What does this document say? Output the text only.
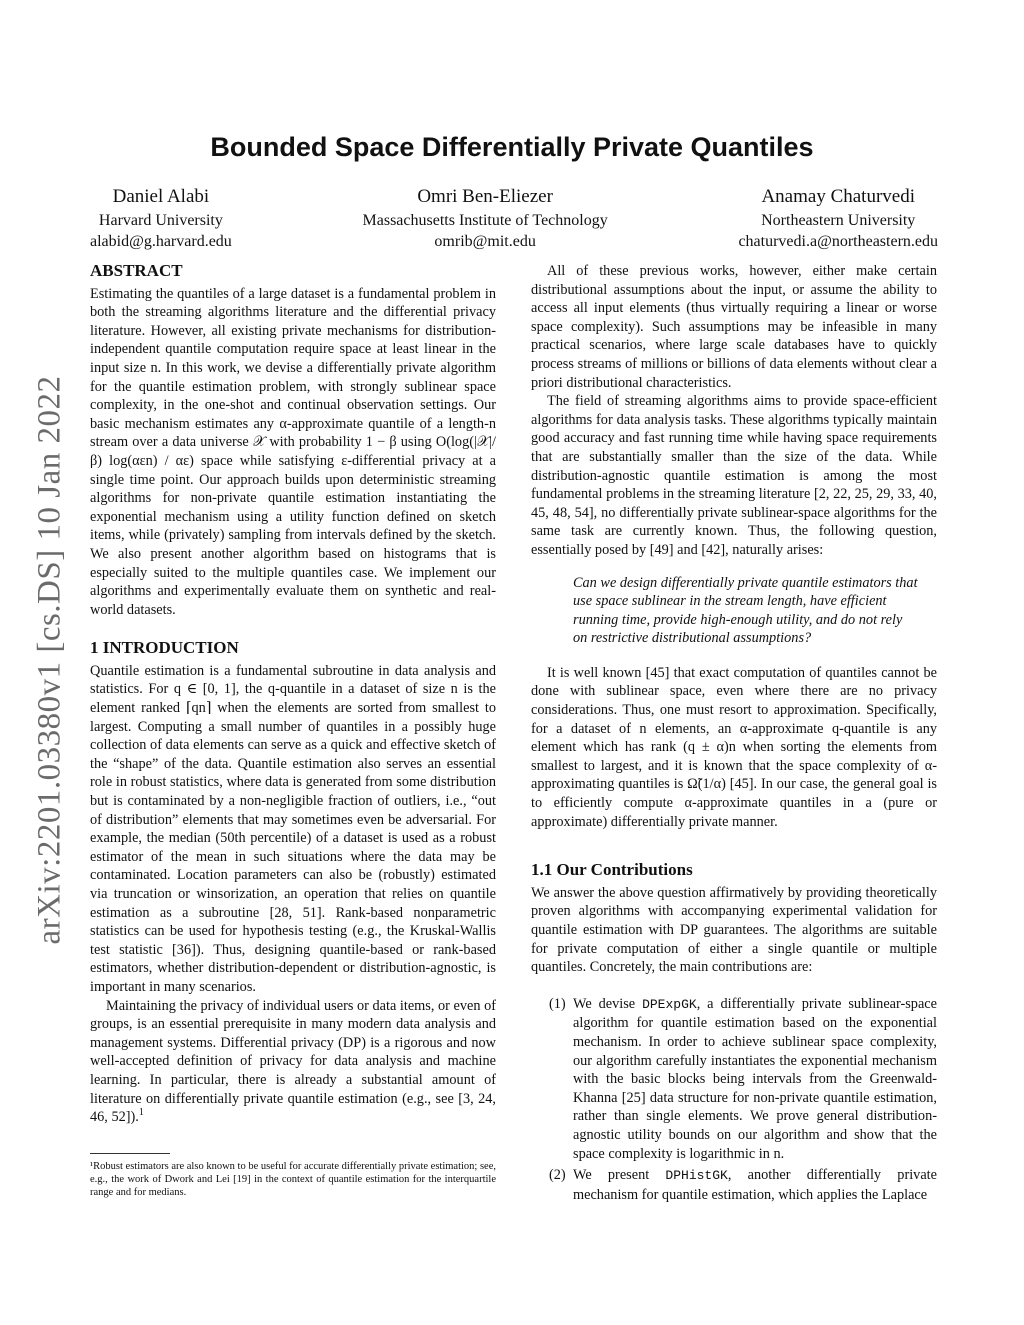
arXiv:2201.03380v1 [cs.DS] 10 Jan 2022
Bounded Space Differentially Private Quantiles
Daniel Alabi
Harvard University
alabid@g.harvard.edu
Omri Ben-Eliezer
Massachusetts Institute of Technology
omrib@mit.edu
Anamay Chaturvedi
Northeastern University
chaturvedi.a@northeastern.edu
ABSTRACT

Estimating the quantiles of a large dataset is a fundamental problem in both the streaming algorithms literature and the differential privacy literature. However, all existing private mechanisms for distribution-independent quantile computation require space at least linear in the input size n. In this work, we devise a differentially private algorithm for the quantile estimation problem, with strongly sublinear space complexity, in the one-shot and continual observation settings. Our basic mechanism estimates any α-approximate quantile of a length-n stream over a data universe 𝒳 with probability 1 − β using O(log(|𝒳|/β) log(αεn) / αε) space while satisfying ε-differential privacy at a single time point. Our approach builds upon deterministic streaming algorithms for non-private quantile estimation instantiating the exponential mechanism using a utility function defined on sketch items, while (privately) sampling from intervals defined by the sketch. We also present another algorithm based on histograms that is especially suited to the multiple quantiles case. We implement our algorithms and experimentally evaluate them on synthetic and real-world datasets.

1 INTRODUCTION

Quantile estimation is a fundamental subroutine in data analysis and statistics. For q ∈ [0, 1], the q-quantile in a dataset of size n is the element ranked ⌈qn⌉ when the elements are sorted from smallest to largest. Computing a small number of quantiles in a possibly huge collection of data elements can serve as a quick and effective sketch of the “shape” of the data. Quantile estimation also serves an essential role in robust statistics, where data is generated from some distribution but is contaminated by a non-negligible fraction of outliers, i.e., “out of distribution” elements that may sometimes even be adversarial. For example, the median (50th percentile) of a dataset is used as a robust estimator of the mean in such situations where the data may be contaminated. Location parameters can also be (robustly) estimated via truncation or winsorization, an operation that relies on quantile estimation as a subroutine [28, 51]. Rank-based nonparametric statistics can be used for hypothesis testing (e.g., the Kruskal-Wallis test statistic [36]). Thus, designing quantile-based or rank-based estimators, whether distribution-dependent or distribution-agnostic, is important in many scenarios.

Maintaining the privacy of individual users or data items, or even of groups, is an essential prerequisite in many modern data analysis and management systems. Differential privacy (DP) is a rigorous and now well-accepted definition of privacy for data analysis and machine learning. In particular, there is already a substantial amount of literature on differentially private quantile estimation (e.g., see [3, 24, 46, 52]).$^1$

¹Robust estimators are also known to be useful for accurate differentially private estimation; see, e.g., the work of Dwork and Lei [19] in the context of quantile estimation for the interquartile range and for medians.

All of these previous works, however, either make certain distributional assumptions about the input, or assume the ability to access all input elements (thus virtually requiring a linear or worse space complexity). Such assumptions may be infeasible in many practical scenarios, where large scale databases have to quickly process streams of millions or billions of data elements without clear a priori distributional characteristics.

The field of streaming algorithms aims to provide space-efficient algorithms for data analysis tasks. These algorithms typically maintain good accuracy and fast running time while having space requirements that are substantially smaller than the size of the data. While distribution-agnostic quantile estimation is among the most fundamental problems in the streaming literature [2, 22, 25, 29, 33, 40, 45, 48, 54], no differentially private sublinear-space algorithms for the same task are currently known. Thus, the following question, essentially posed by [49] and [42], naturally arises:

Can we design differentially private quantile estimators that use space sublinear in the stream length, have efficient running time, provide high-enough utility, and do not rely on restrictive distributional assumptions?

It is well known [45] that exact computation of quantiles cannot be done with sublinear space, even where there are no privacy considerations. Thus, one must resort to approximation. Specifically, for a dataset of n elements, an α-approximate q-quantile is any element which has rank (q ± α)n when sorting the elements from smallest to largest, and it is known that the space complexity of α-approximating quantiles is Ω̃(1/α) [45]. In our case, the general goal is to efficiently compute α-approximate quantiles in a (pure or approximate) differentially private manner.

1.1 Our Contributions

We answer the above question affirmatively by providing theoretically proven algorithms with accompanying experimental validation for quantile estimation with DP guarantees. The algorithms are suitable for private computation of either a single quantile or multiple quantiles. Concretely, the main contributions are:

(1) We devise DPExpGK, a differentially private sublinear-space algorithm for quantile estimation based on the exponential mechanism. In order to achieve sublinear space complexity, our algorithm carefully instantiates the exponential mechanism with the basic blocks being intervals from the Greenwald-Khanna [25] data structure for non-private quantile estimation, rather than single elements. We prove general distribution-agnostic utility bounds on our algorithm and show that the space complexity is logarithmic in n.
(2) We present DPHistGK, another differentially private mechanism for quantile estimation, which applies the Laplace
